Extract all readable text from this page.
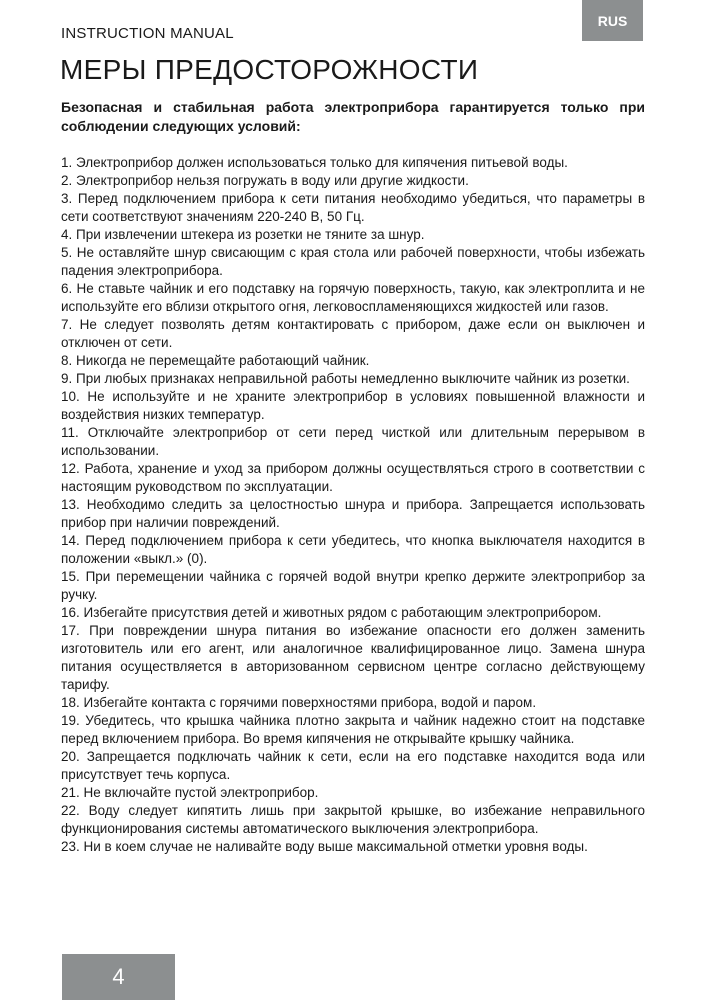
INSTRUCTION MANUAL
RUS
МЕРЫ ПРЕДОСТОРОЖНОСТИ

Безопасная и стабильная работа электроприбора гарантируется только при соблюдении следующих условий:

1. Электроприбор должен использоваться только для кипячения питьевой воды.
2. Электроприбор нельзя погружать в воду или другие жидкости.
3. Перед подключением прибора к сети питания необходимо убедиться, что параметры в сети соответствуют значениям 220-240 В, 50 Гц.
4. При извлечении штекера из розетки не тяните за шнур.
5. Не оставляйте шнур свисающим с края стола или рабочей поверхности, чтобы избежать падения электроприбора.
6. Не ставьте чайник и его подставку на горячую поверхность, такую, как электроплита и не используйте его вблизи открытого огня, легковоспламеняющихся жидкостей или газов.
7. Не следует позволять детям контактировать с прибором, даже если он выключен и отключен от сети.
8. Никогда не перемещайте работающий чайник.
9. При любых признаках неправильной работы немедленно выключите чайник из розетки.
10. Не используйте и не храните электроприбор в условиях повышенной влажности и воздействия низких температур.
11. Отключайте электроприбор от сети перед чисткой или длительным перерывом в использовании.
12. Работа, хранение и уход за прибором должны осуществляться строго в соответствии с настоящим руководством по эксплуатации.
13. Необходимо следить за целостностью шнура и прибора. Запрещается использовать прибор при наличии повреждений.
14. Перед подключением прибора к сети убедитесь, что кнопка выключателя находится в положении «выкл.» (0).
15. При перемещении чайника с горячей водой внутри крепко держите электроприбор за ручку.
16. Избегайте присутствия детей и животных рядом с работающим электроприбором.
17. При повреждении шнура питания во избежание опасности его должен заменить изготовитель или его агент, или аналогичное квалифицированное лицо. Замена шнура питания осуществляется в авторизованном сервисном центре согласно действующему тарифу.
18. Избегайте контакта с горячими поверхностями прибора, водой и паром.
19. Убедитесь, что крышка чайника плотно закрыта и чайник надежно стоит на подставке перед включением прибора. Во время кипячения не открывайте крышку чайника.
20. Запрещается подключать чайник к сети, если на его подставке находится вода или присутствует течь корпуса.
21. Не включайте пустой электроприбор.
22. Воду следует кипятить лишь при закрытой крышке, во избежание неправильного функционирования системы автоматического выключения электроприбора.
23. Ни в коем случае не наливайте воду выше максимальной отметки уровня воды.
4
